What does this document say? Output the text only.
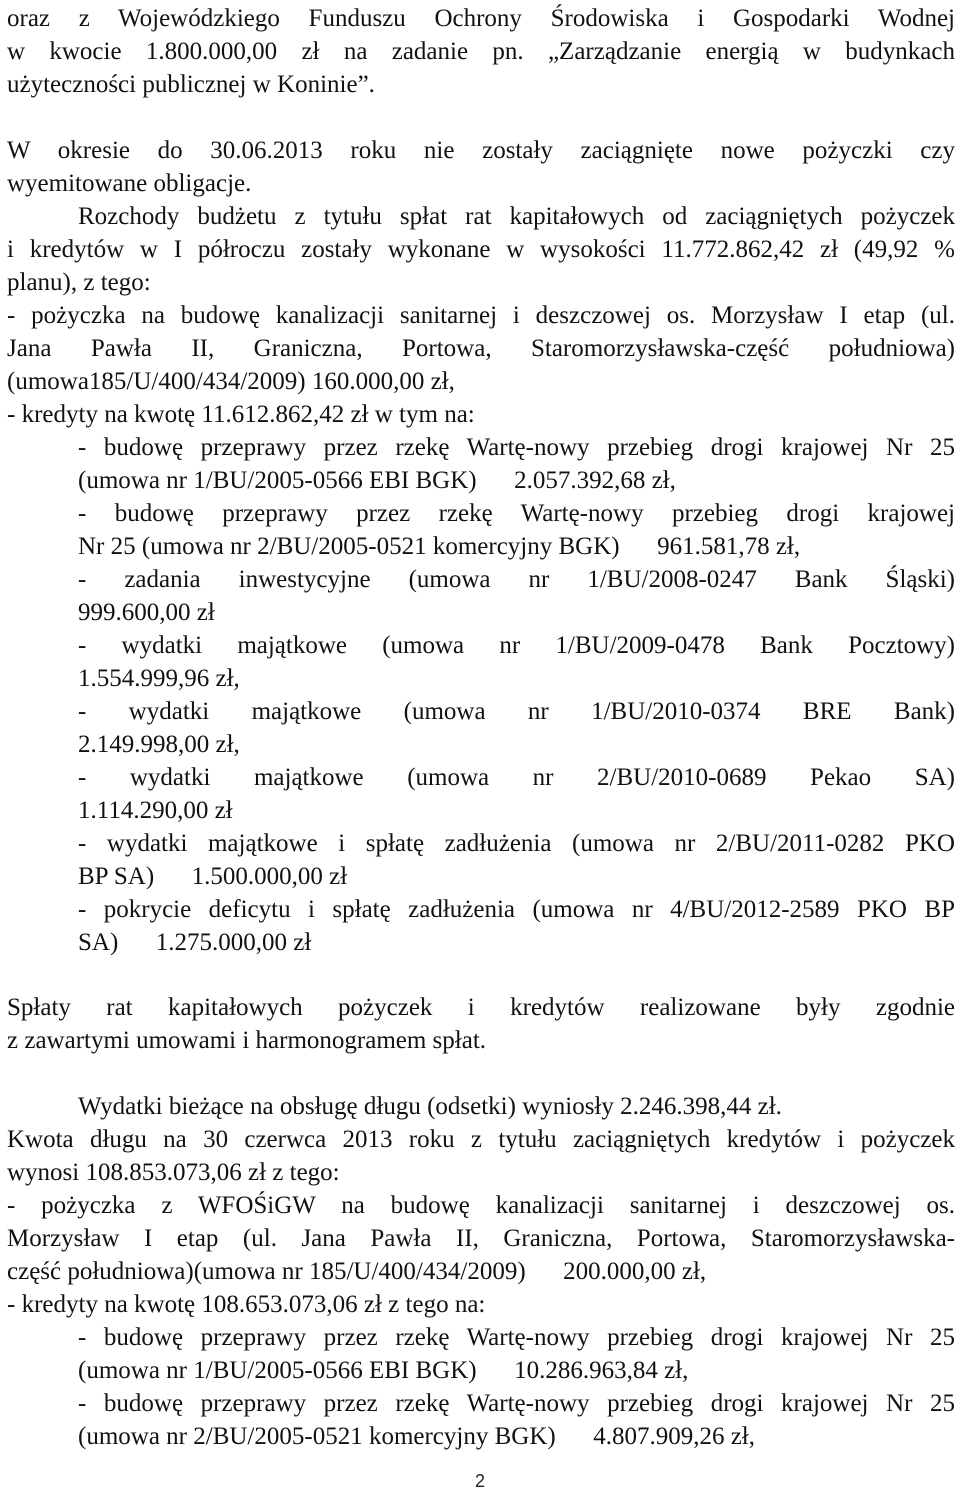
oraz z Wojewódzkiego Funduszu Ochrony Środowiska i Gospodarki Wodnej
w kwocie 1.800.000,00 zł na zadanie pn. „Zarządzanie energią w budynkach
użyteczności publicznej w Koninie”.
W okresie do 30.06.2013 roku nie zostały zaciągnięte nowe pożyczki czy
wyemitowane obligacje.
Rozchody budżetu z tytułu spłat rat kapitałowych od zaciągniętych pożyczek
i kredytów w I półroczu zostały wykonane w wysokości 11.772.862,42 zł (49,92 %
planu), z tego:
- pożyczka na budowę kanalizacji sanitarnej i deszczowej os. Morzysław I etap (ul.
Jana Pawła II, Graniczna, Portowa, Staromorzysławska-część południowa)
(umowa185/U/400/434/2009) 160.000,00 zł,
- kredyty na kwotę 11.612.862,42 zł w tym na:
- budowę przeprawy przez rzekę Wartę-nowy przebieg drogi krajowej Nr 25
(umowa nr 1/BU/2005-0566 EBI BGK)      2.057.392,68 zł,
- budowę przeprawy przez rzekę Wartę-nowy przebieg drogi krajowej
Nr 25 (umowa nr 2/BU/2005-0521 komercyjny BGK)      961.581,78 zł,
- zadania inwestycyjne (umowa nr 1/BU/2008-0247 Bank Śląski)
999.600,00 zł
- wydatki majątkowe (umowa nr 1/BU/2009-0478 Bank Pocztowy)
1.554.999,96 zł,
- wydatki majątkowe (umowa nr 1/BU/2010-0374 BRE Bank)
2.149.998,00 zł,
- wydatki majątkowe (umowa nr 2/BU/2010-0689 Pekao SA)
1.114.290,00 zł
- wydatki majątkowe i spłatę zadłużenia (umowa nr 2/BU/2011-0282 PKO
BP SA)      1.500.000,00 zł
- pokrycie deficytu i spłatę zadłużenia (umowa nr 4/BU/2012-2589 PKO BP
SA)      1.275.000,00 zł
Spłaty rat kapitałowych pożyczek i kredytów realizowane były zgodnie
z zawartymi umowami i harmonogramem spłat.
Wydatki bieżące na obsługę długu (odsetki) wyniosły 2.246.398,44 zł.
Kwota długu na 30 czerwca 2013 roku z tytułu zaciągniętych kredytów i pożyczek
wynosi 108.853.073,06 zł z tego:
- pożyczka z WFOŚiGW na budowę kanalizacji sanitarnej i deszczowej os.
Morzysław I etap (ul. Jana Pawła II, Graniczna, Portowa, Staromorzysławska-
część południowa)(umowa nr 185/U/400/434/2009)      200.000,00 zł,
- kredyty na kwotę 108.653.073,06 zł z tego na:
- budowę przeprawy przez rzekę Wartę-nowy przebieg drogi krajowej Nr 25
(umowa nr 1/BU/2005-0566 EBI BGK)      10.286.963,84 zł,
- budowę przeprawy przez rzekę Wartę-nowy przebieg drogi krajowej Nr 25
(umowa nr 2/BU/2005-0521 komercyjny BGK)      4.807.909,26 zł,
2
